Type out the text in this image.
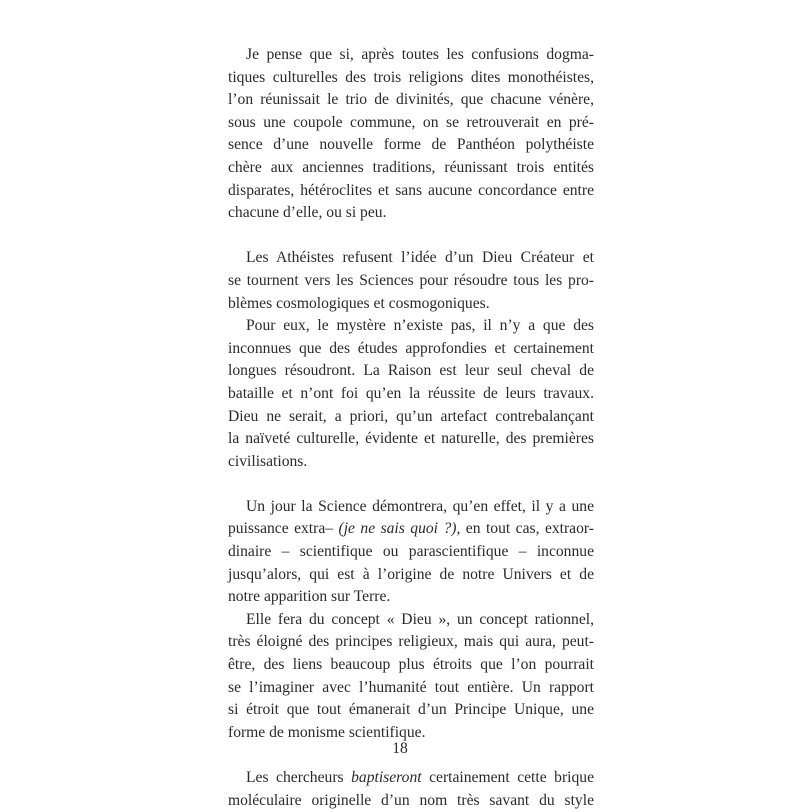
Je pense que si, après toutes les confusions dogma-
tiques culturelles des trois religions dites monothéistes,
l’on réunissait le trio de divinités, que chacune vénère,
sous une coupole commune, on se retrouverait en pré-
sence d’une nouvelle forme de Panthéon polythéiste
chère aux anciennes traditions, réunissant trois entités
disparates, hétéroclites et sans aucune concordance entre
chacune d’elle, ou si peu.
Les Athéistes refusent l’idée d’un Dieu Créateur et
se tournent vers les Sciences pour résoudre tous les pro-
blèmes cosmologiques et cosmogoniques.
Pour eux, le mystère n’existe pas, il n’y a que des
inconnues que des études approfondies et certainement
longues résoudront. La Raison est leur seul cheval de
bataille et n’ont foi qu’en la réussite de leurs travaux.
Dieu ne serait, a priori, qu’un artefact contrebalançant
la naïveté culturelle, évidente et naturelle, des premières
civilisations.
Un jour la Science démontrera, qu’en effet, il y a une
puissance extra– (je ne sais quoi ?), en tout cas, extraor-
dinaire – scientifique ou parascientifique – inconnue
jusqu’alors, qui est à l’origine de notre Univers et de
notre apparition sur Terre.
Elle fera du concept « Dieu », un concept rationnel,
très éloigné des principes religieux, mais qui aura, peut-
être, des liens beaucoup plus étroits que l’on pourrait
se l’imaginer avec l’humanité tout entière. Un rapport
si étroit que tout émanerait d’un Principe Unique, une
forme de monisme scientifique.
Les chercheurs baptiseront certainement cette brique
moléculaire originelle d’un nom très savant du style
18
